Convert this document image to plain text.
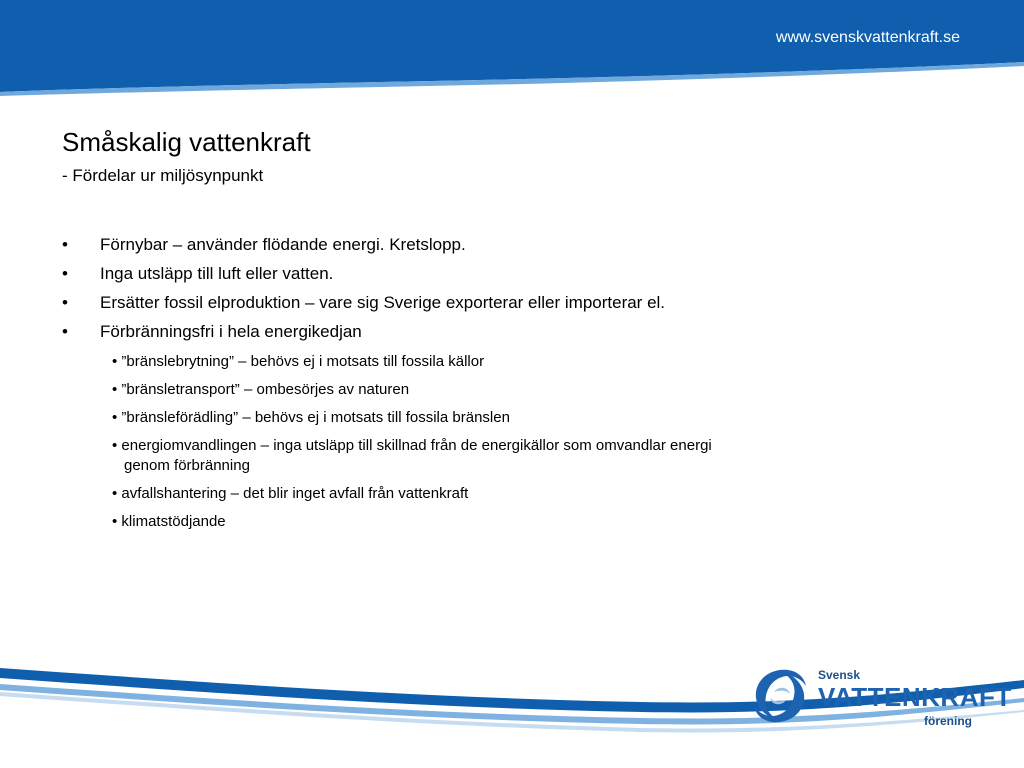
www.svenskvattenkraft.se
Småskalig vattenkraft
- Fördelar ur miljösynpunkt
•	Förnybar – använder flödande energi. Kretslopp.
•	Inga utsläpp till luft eller vatten.
•	Ersätter fossil elproduktion – vare sig Sverige exporterar eller importerar el.
•	Förbränningsfri i hela energikedjan
• ”bränslebrytning” – behövs ej i motsats till fossila källor
• ”bränsletransport” – ombesörjes av naturen
• ”bränsleförädling” – behövs ej i motsats till fossila bränslen
• energiomvandlingen – inga utsläpp till skillnad från de energikällor som omvandlar energi
genom förbränning
• avfallshantering – det blir inget avfall från vattenkraft
• klimatstödjande
Svensk
VATTENKRAFT
förening
